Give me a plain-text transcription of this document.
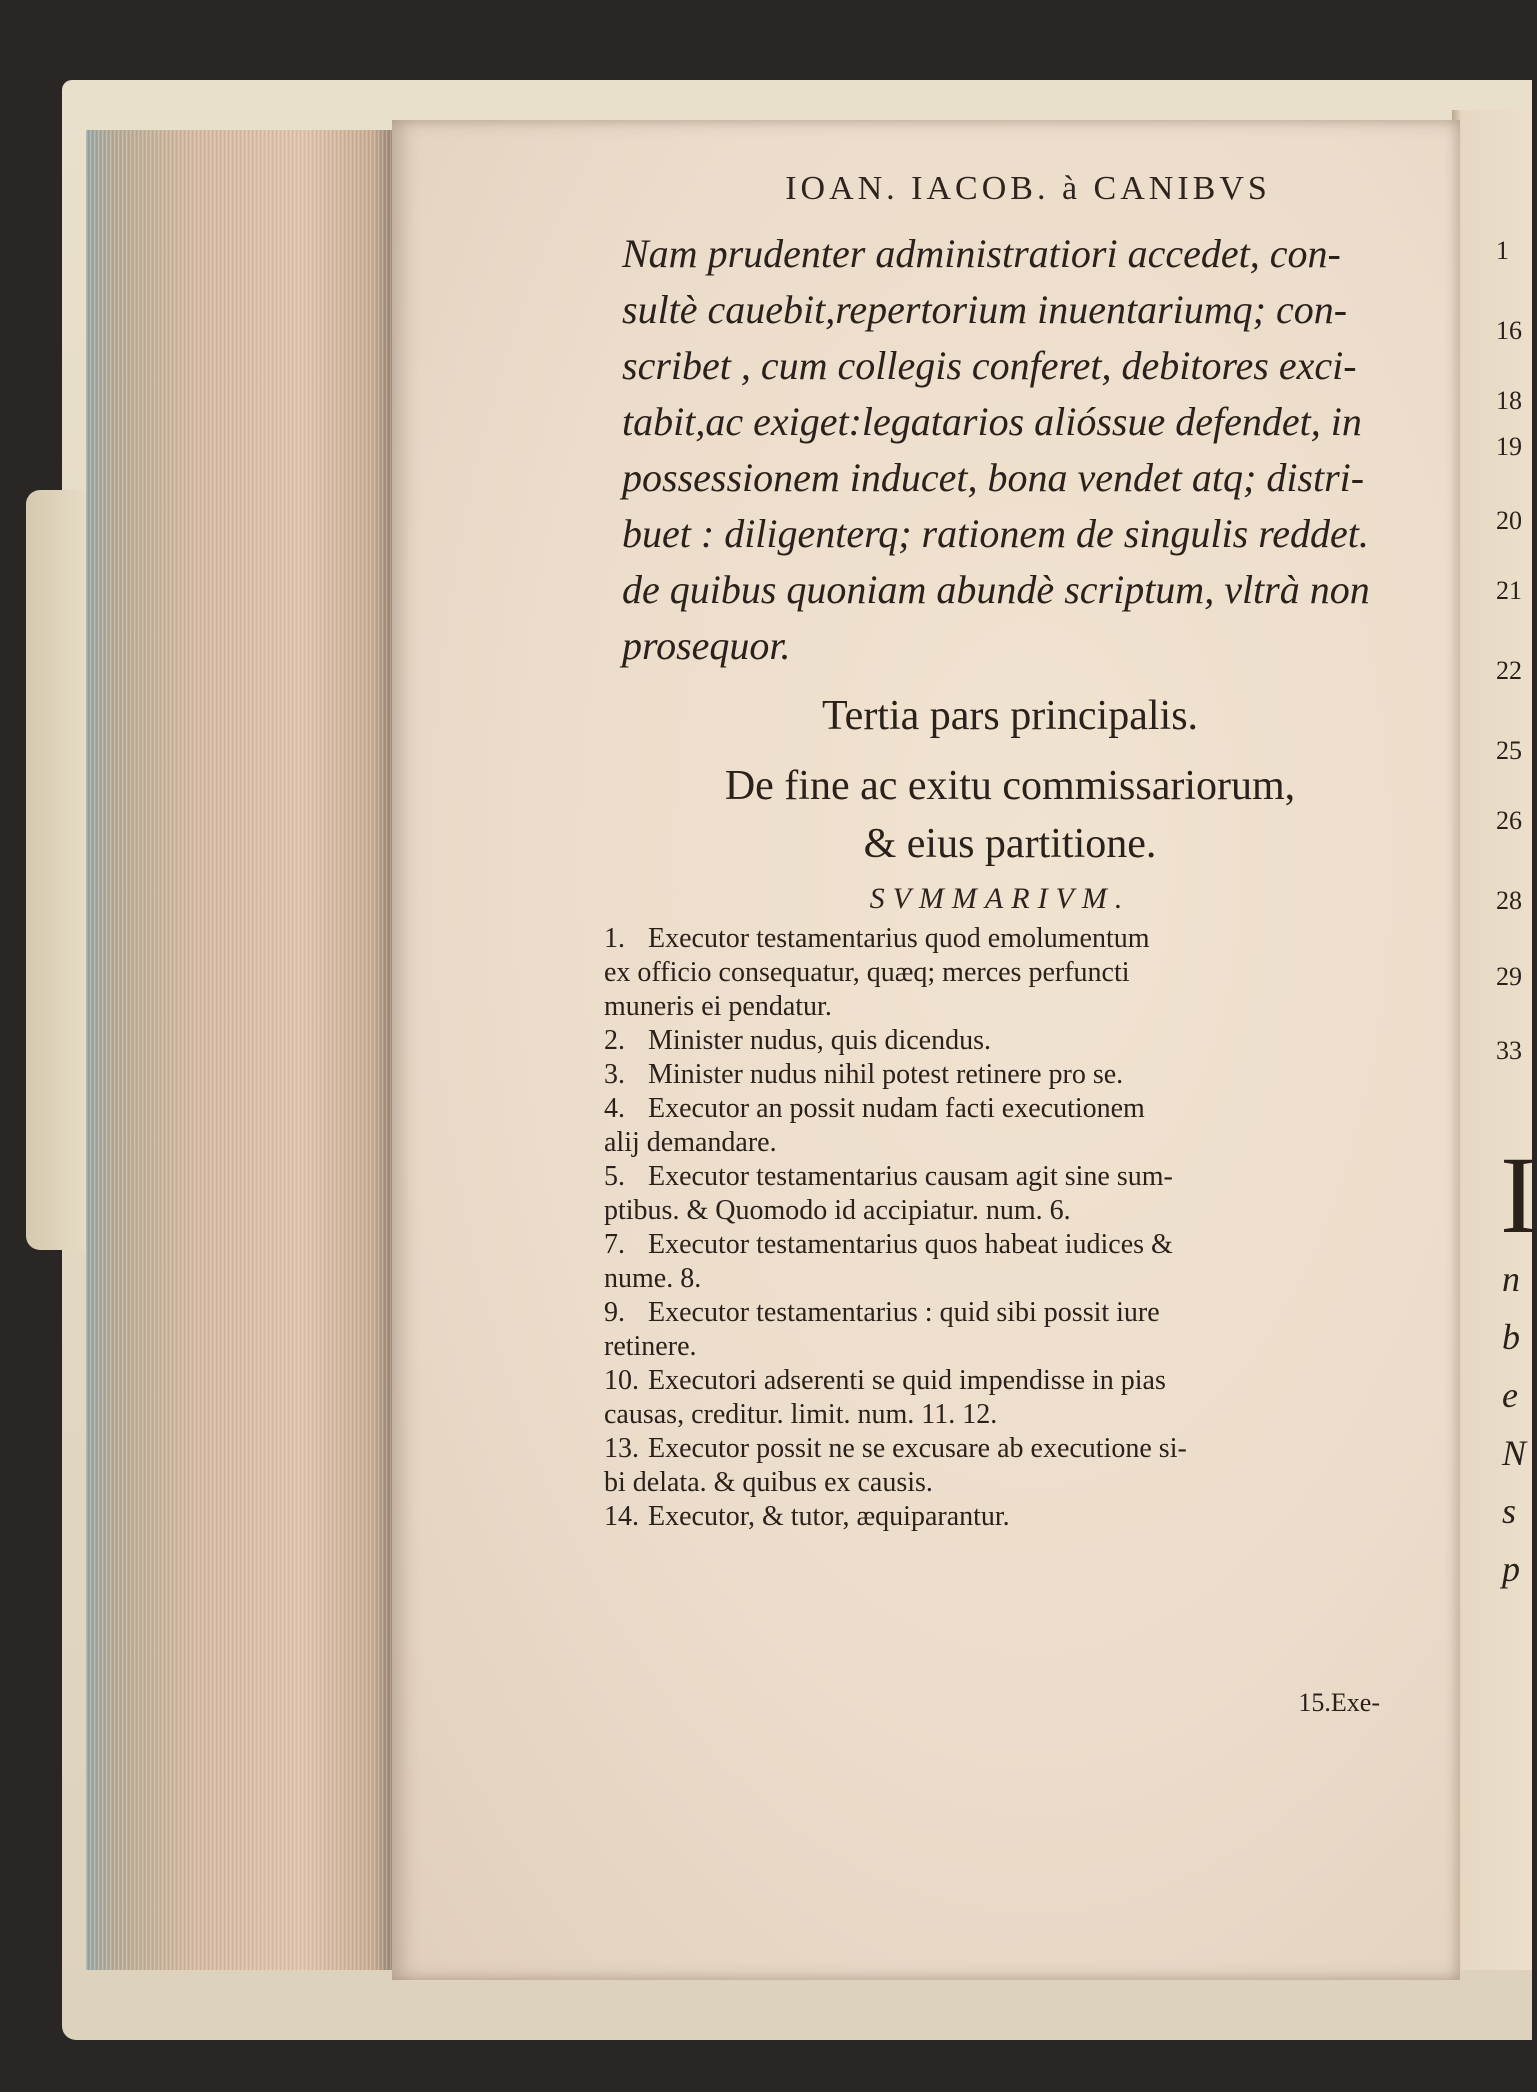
IOAN. IACOB. à CANIBVS
Nam prudenter administratiori accedet, con-
sultè cauebit,repertorium inuentariumq; con-
scribet , cum collegis conferet, debitores exci-
tabit,ac exiget:legatarios alióssue defendet, in
possessionem inducet, bona vendet atq; distri-
buet : diligenterq; rationem de singulis reddet.
de quibus quoniam abundè scriptum, vltrà non
prosequor.
Tertia pars principalis.
De fine ac exitu commissariorum,
& eius partitione.
SVMMARIVM.
1. Executor testamentarius quod emolumentum
ex officio consequatur, quæq; merces perfuncti
muneris ei pendatur.
2. Minister nudus, quis dicendus.
3. Minister nudus nihil potest retinere pro se.
4. Executor an possit nudam facti executionem
alij demandare.
5. Executor testamentarius causam agit sine sum-
ptibus. & Quomodo id accipiatur. num. 6.
7. Executor testamentarius quos habeat iudices &
nume. 8.
9. Executor testamentarius : quid sibi possit iure
retinere.
10. Executori adserenti se quid impendisse in pias
causas, creditur. limit. num. 11. 12.
13. Executor possit ne se excusare ab executione si-
bi delata. & quibus ex causis.
14. Executor, & tutor, æquiparantur.
15.Exe-
1
16
18
19
20
21
22
25
26
28
29
33
I
n
b
e
N
s
p
